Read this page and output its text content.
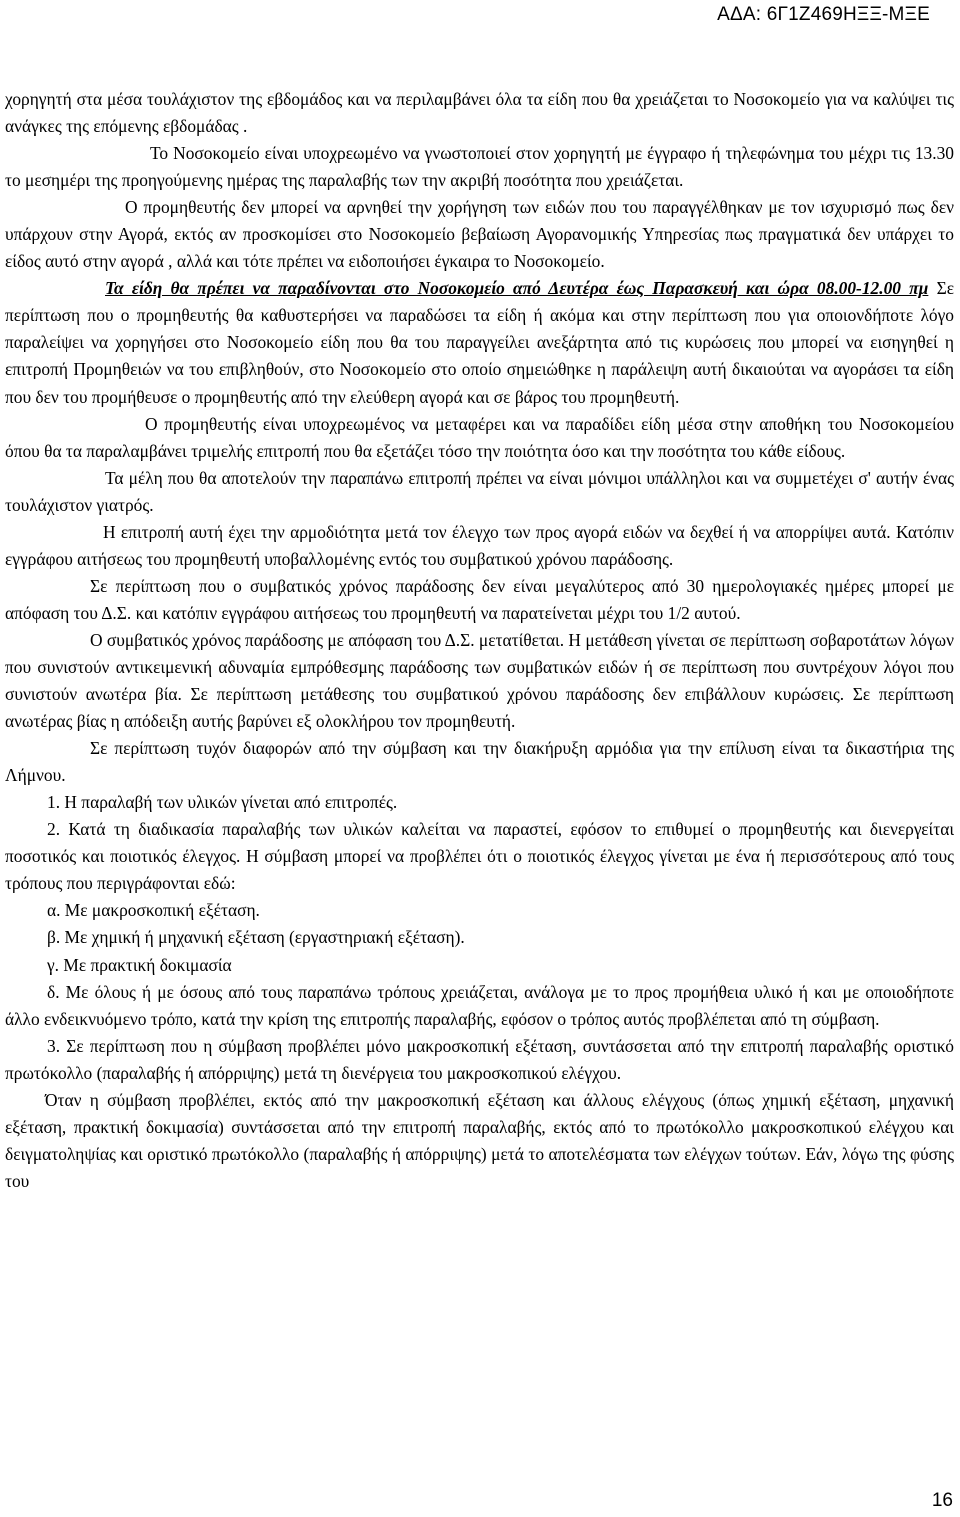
ΑΔΑ: 6Γ1Ζ469ΗΞΞ-ΜΞΕ

χορηγητή στα μέσα τουλάχιστον της εβδομάδος και να περιλαμβάνει όλα τα είδη που θα χρειάζεται το Νοσοκομείο για να καλύψει τις ανάγκες της επόμενης εβδομάδας .

Το Νοσοκομείο είναι υποχρεωμένο να γνωστοποιεί στον χορηγητή με έγγραφο ή τηλεφώνημα του μέχρι τις 13.30 το μεσημέρι της προηγούμενης ημέρας της παραλαβής των την ακριβή ποσότητα που χρειάζεται.

Ο προμηθευτής δεν μπορεί να αρνηθεί την χορήγηση των ειδών που του παραγγέλθηκαν με τον ισχυρισμό πως δεν υπάρχουν στην Αγορά, εκτός αν προσκομίσει στο Νοσοκομείο βεβαίωση Αγορανομικής Υπηρεσίας πως πραγματικά δεν υπάρχει το είδος αυτό στην αγορά , αλλά και τότε πρέπει να ειδοποιήσει έγκαιρα το Νοσοκομείο.

Τα είδη θα πρέπει να παραδίνονται στο Νοσοκομείο από Δευτέρα έως Παρασκευή και ώρα 08.00-12.00 πμ Σε περίπτωση που ο προμηθευτής θα καθυστερήσει να παραδώσει τα είδη ή ακόμα και στην περίπτωση που για οποιονδήποτε λόγο παραλείψει να χορηγήσει στο Νοσοκομείο είδη που θα του παραγγείλει ανεξάρτητα από τις κυρώσεις που μπορεί να εισηγηθεί η επιτροπή Προμηθειών να του επιβληθούν, στο Νοσοκομείο στο οποίο σημειώθηκε η παράλειψη αυτή δικαιούται να αγοράσει τα είδη που δεν του προμήθευσε ο προμηθευτής από την ελεύθερη αγορά και σε βάρος του προμηθευτή.

Ο προμηθευτής είναι υποχρεωμένος να μεταφέρει και να παραδίδει είδη μέσα στην αποθήκη του Νοσοκομείου όπου θα τα παραλαμβάνει τριμελής επιτροπή που θα εξετάζει τόσο την ποιότητα όσο και την ποσότητα του κάθε είδους.

Τα μέλη που θα αποτελούν την παραπάνω επιτροπή πρέπει να είναι μόνιμοι υπάλληλοι και να συμμετέχει σ' αυτήν ένας τουλάχιστον γιατρός.

Η επιτροπή αυτή έχει την αρμοδιότητα μετά τον έλεγχο των προς αγορά ειδών να δεχθεί ή να απορρίψει αυτά. Κατόπιν εγγράφου αιτήσεως του προμηθευτή υποβαλλομένης εντός του συμβατικού χρόνου παράδοσης.

Σε περίπτωση που ο συμβατικός χρόνος παράδοσης δεν είναι μεγαλύτερος από 30 ημερολογιακές ημέρες μπορεί με απόφαση του Δ.Σ. και κατόπιν εγγράφου αιτήσεως του προμηθευτή να παρατείνεται μέχρι του 1/2 αυτού.

Ο συμβατικός χρόνος παράδοσης με απόφαση του Δ.Σ. μετατίθεται. Η μετάθεση γίνεται σε περίπτωση σοβαροτάτων λόγων που συνιστούν αντικειμενική αδυναμία εμπρόθεσμης παράδοσης των συμβατικών ειδών ή σε περίπτωση που συντρέχουν λόγοι που συνιστούν ανωτέρα βία. Σε περίπτωση μετάθεσης του συμβατικού χρόνου παράδοσης δεν επιβάλλουν κυρώσεις. Σε περίπτωση ανωτέρας βίας η απόδειξη αυτής βαρύνει εξ ολοκλήρου τον προμηθευτή.

Σε περίπτωση τυχόν διαφορών από την σύμβαση και την διακήρυξη αρμόδια για την επίλυση είναι τα δικαστήρια της Λήμνου.

1. Η παραλαβή των υλικών γίνεται από επιτροπές.

2. Κατά τη διαδικασία παραλαβής των υλικών καλείται να παραστεί, εφόσον το επιθυμεί ο προμηθευτής και διενεργείται ποσοτικός και ποιοτικός έλεγχος. Η σύμβαση μπορεί να προβλέπει ότι ο ποιοτικός έλεγχος γίνεται με ένα ή περισσότερους από τους τρόπους που περιγράφονται εδώ:

α. Με μακροσκοπική εξέταση.

β. Με χημική ή μηχανική εξέταση (εργαστηριακή εξέταση).

γ. Με πρακτική δοκιμασία

δ. Με όλους ή με όσους από τους παραπάνω τρόπους χρειάζεται, ανάλογα με το προς προμήθεια υλικό ή και με οποιοδήποτε άλλο ενδεικνυόμενο τρόπο, κατά την κρίση της επιτροπής παραλαβής, εφόσον ο τρόπος αυτός προβλέπεται από τη σύμβαση.

3. Σε περίπτωση που η σύμβαση προβλέπει μόνο μακροσκοπική εξέταση, συντάσσεται από την επιτροπή παραλαβής οριστικό πρωτόκολλο (παραλαβής ή απόρριψης) μετά τη διενέργεια του μακροσκοπικού ελέγχου.

Όταν η σύμβαση προβλέπει, εκτός από την μακροσκοπική εξέταση και άλλους ελέγχους (όπως χημική εξέταση, μηχανική εξέταση, πρακτική δοκιμασία) συντάσσεται από την επιτροπή παραλαβής, εκτός από το πρωτόκολλο μακροσκοπικού ελέγχου και δειγματοληψίας και οριστικό πρωτόκολλο (παραλαβής ή απόρριψης) μετά το αποτελέσματα των ελέγχων τούτων. Εάν, λόγω της φύσης του

16
